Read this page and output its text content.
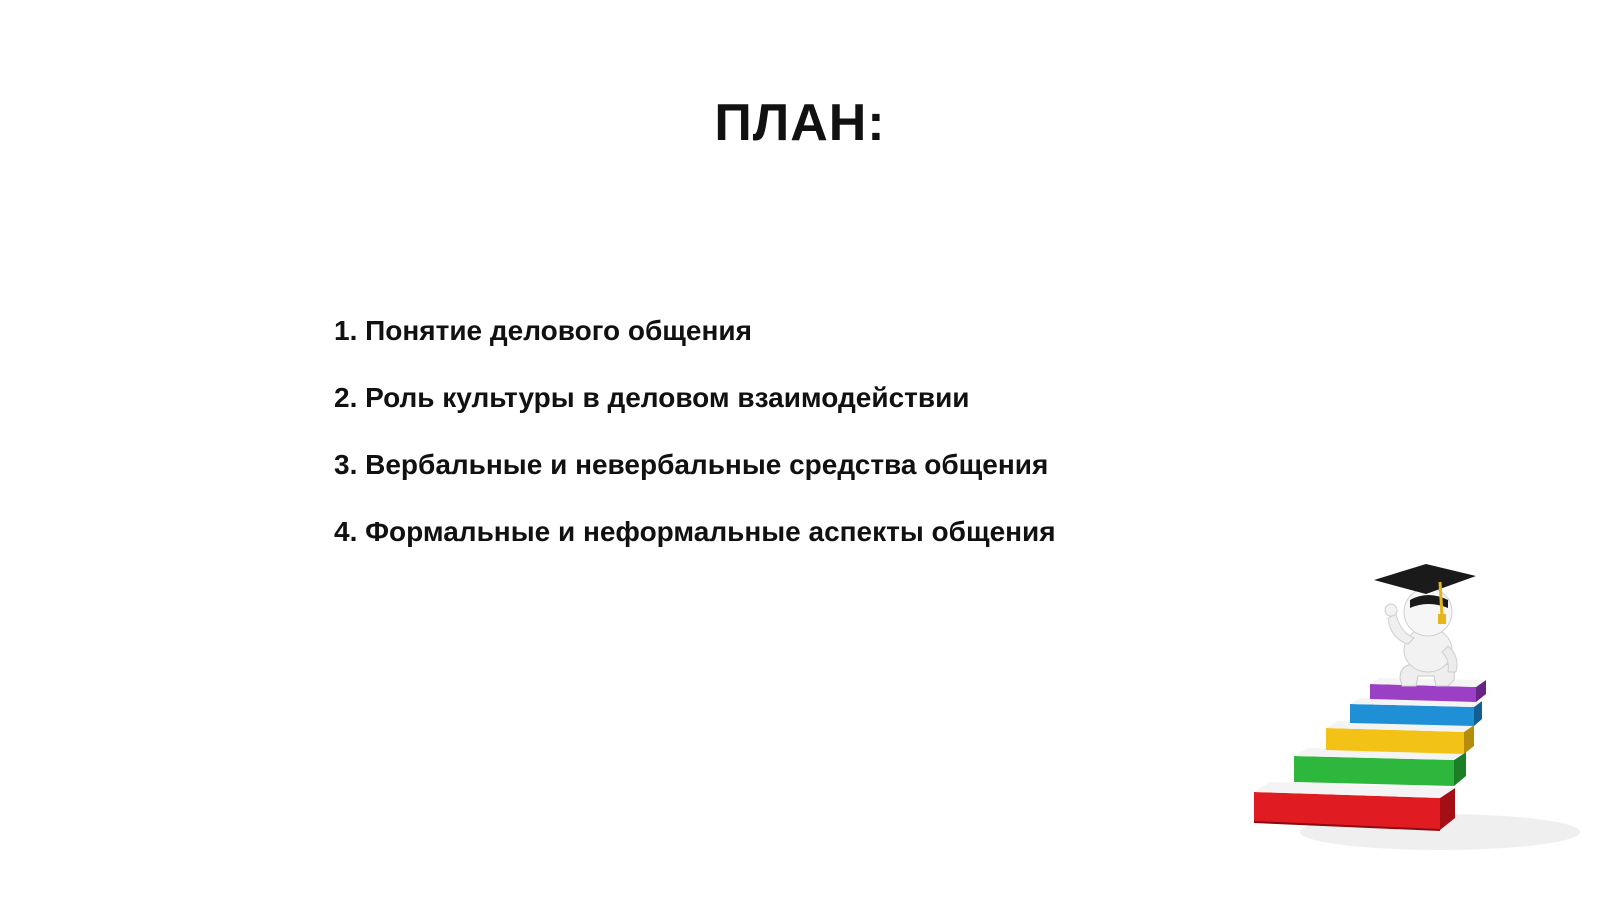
ПЛАН:
1. Понятие делового общения
2. Роль культуры в деловом взаимодействии
3. Вербальные и невербальные средства общения
4. Формальные и неформальные аспекты общения
